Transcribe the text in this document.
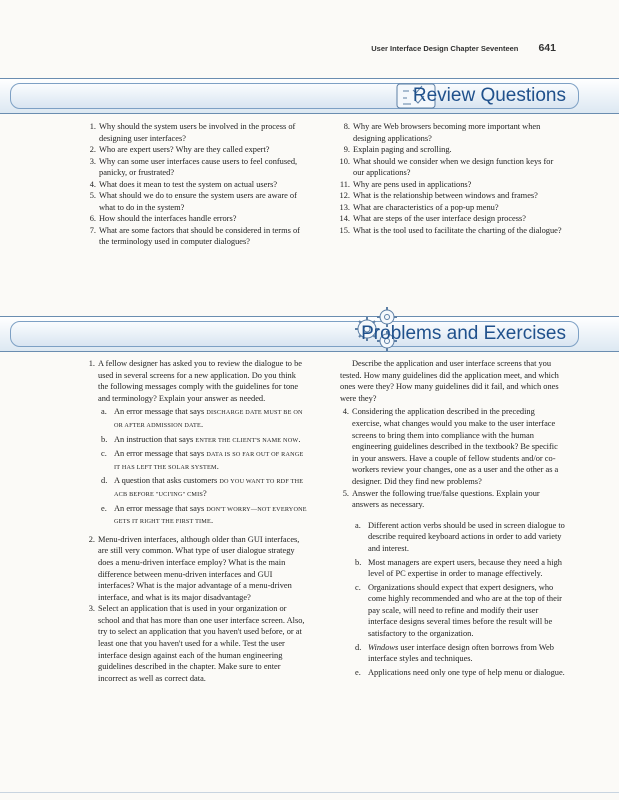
User Interface Design Chapter Seventeen 641
Review Questions
1 . Why should the system users be involved in the process of designing user interfaces?
2 . Who are expert users? Why are they called expert?
3 . Why can some user interfaces cause users to feel confused, panicky, or frustrated?
4 . What does it mean to test the system on actual users?
5 . What should we do to ensure the system users are aware of what to do in the system?
6 . How should the interfaces handle errors?
7 . What are some factors that should be considered in terms of the terminology used in computer dialogues?
8 . Why are Web browsers becoming more important when designing applications?
9 . Explain paging and scrolling.
10 . What should we consider when we design function keys for our applications?
11 . Why are pens used in applications?
12 . What is the relationship between windows and frames?
13 . What are characteristics of a pop-up menu?
14 . What are steps of the user interface design process?
15 . What is the tool used to facilitate the charting of the dialogue?
Problems and Exercises
1 . A fellow designer has asked you to review the dialogue to be used in several screens for a new application. Do you think the following messages comply with the guidelines for tone and terminology? Explain your answer as needed.
a . An error message that says DISCHARGE DATE MUST BE ON OR AFTER ADMISSION DATE.
b . An instruction that says ENTER THE CLIENT'S NAME NOW.
c . An error message that says DATA IS SO FAR OUT OF RANGE IT HAS LEFT THE SOLAR SYSTEM.
d . A question that asks customers DO YOU WANT TO RDF THE ACB BEFORE "UCI'ING" CMIS?
e . An error message that says DON'T WORRY—NOT EVERYONE GETS IT RIGHT THE FIRST TIME.
2 . Menu-driven interfaces, although older than GUI interfaces, are still very common. What type of user dialogue strategy does a menu-driven interface employ? What is the main difference between menu-driven interfaces and GUI interfaces? What is the major advantage of a menu-driven interface, and what is its major disadvantage?
3 . Select an application that is used in your organization or school and that has more than one user interface screen. Also, try to select an application that you haven't used before, or at least one that you haven't used for a while. Test the user interface design against each of the human engineering guidelines described in the chapter. Make sure to enter incorrect as well as correct data.
Describe the application and user interface screens that you tested. How many guidelines did the application meet, and which ones were they? How many guidelines did it fail, and which ones were they?
4 . Considering the application described in the preceding exercise, what changes would you make to the user interface screens to bring them into compliance with the human engineering guidelines described in the textbook? Be specific in your answers. Have a couple of fellow students and/or co-workers review your changes, one as a user and the other as a designer. Did they find new problems?
5 . Answer the following true/false questions. Explain your answers as necessary.
a . Different action verbs should be used in screen dialogue to describe required keyboard actions in order to add variety and interest.
b . Most managers are expert users, because they need a high level of PC expertise in order to manage effectively.
c . Organizations should expect that expert designers, who come highly recommended and who are at the top of their pay scale, will need to refine and modify their user interface designs several times before the result will be satisfactory to the organization.
d . Windows user interface design often borrows from Web interface styles and techniques.
e . Applications need only one type of help menu or dialogue.
